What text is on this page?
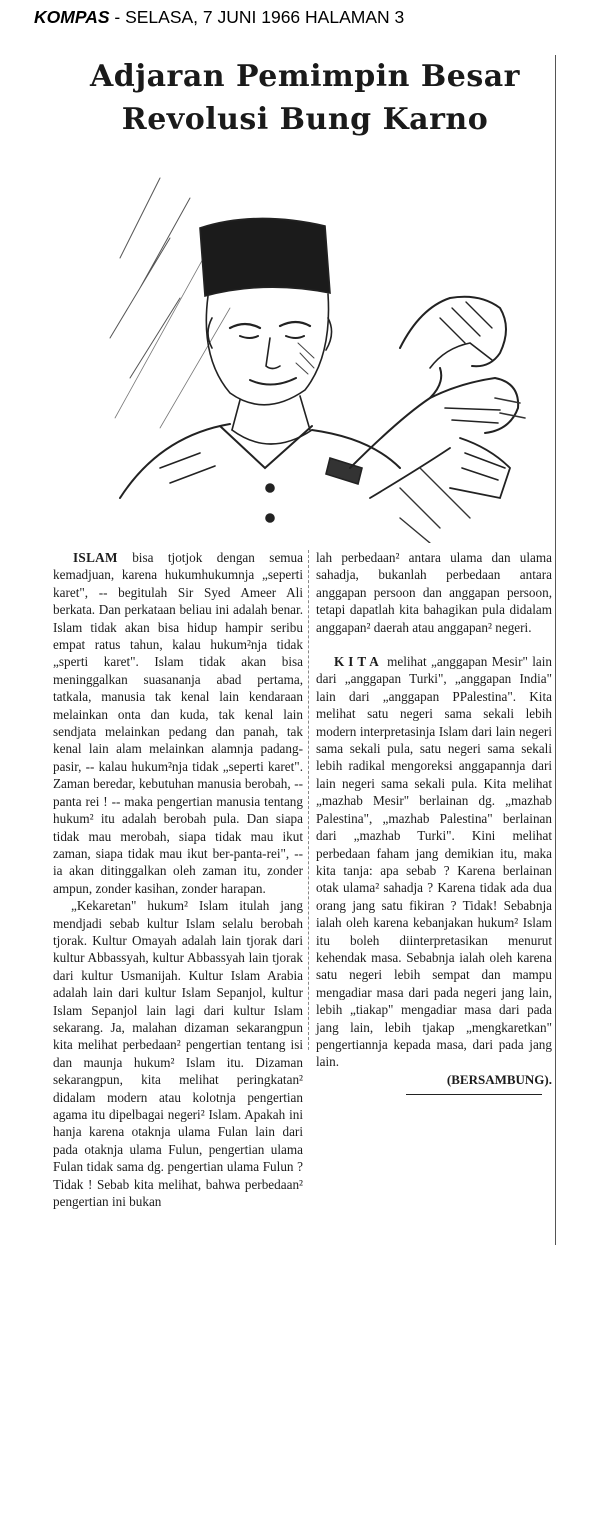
KOMPAS - SELASA, 7 JUNI 1966 HALAMAN 3
Adjaran Pemimpin Besar
Revolusi Bung Karno

ISLAM bisa tjotjok dengan semua kemadjuan, karena hukumhukumnja „seperti karet", -- begitulah Sir Syed Ameer Ali berkata. Dan perkataan beliau ini adalah benar. Islam tidak akan bisa hidup hampir seribu empat ratus tahun, kalau hukum²nja tidak „sperti karet". Islam tidak akan bisa meninggalkan suasananja abad pertama, tatkala, manusia tak kenal lain kendaraan melainkan onta dan kuda, tak kenal lain sendjata melainkan pedang dan panah, tak kenal lain alam melainkan alamnja padang-pasir, -- kalau hukum²nja tidak „seperti karet". Zaman beredar, kebutuhan manusia berobah, -- panta rei ! -- maka pengertian manusia tentang hukum² itu adalah berobah pula. Dan siapa tidak mau merobah, siapa tidak mau ikut zaman, siapa tidak mau ikut ber-panta-rei", -- ia akan ditinggalkan oleh zaman itu, zonder ampun, zonder kasihan, zonder harapan.

„Kekaretan" hukum² Islam itulah jang mendjadi sebab kultur Islam selalu berobah tjorak. Kultur Omayah adalah lain tjorak dari kultur Abbassyah, kultur Abbassyah lain tjorak dari kultur Usmanijah. Kultur Islam Arabia adalah lain dari kultur Islam Sepanjol, kultur Islam Sepanjol lain lagi dari kultur Islam sekarang. Ja, malahan dizaman sekarangpun kita melihat perbedaan² pengertian tentang isi dan maunja hukum² Islam itu. Dizaman sekarangpun, kita melihat peringkatan² didalam modern atau kolotnja pengertian agama itu dipelbagai negeri² Islam. Apakah ini hanja karena otaknja ulama Fulan lain dari pada otaknja ulama Fulun, pengertian ulama Fulan tidak sama dg. pengertian ulama Fulun ? Tidak ! Sebab kita melihat, bahwa perbedaan² pengertian ini bukan

lah perbedaan² antara ulama dan ulama sahadja, bukanlah perbedaan antara anggapan persoon dan anggapan persoon, tetapi dapatlah kita bahagikan pula didalam anggapan² daerah atau anggapan² negeri.

KITA melihat „anggapan Mesir" lain dari „anggapan Turki", „anggapan India" lain dari „anggapan PPalestina". Kita melihat satu negeri sama sekali lebih modern interpretasinja Islam dari lain negeri sama sekali pula, satu negeri sama sekali lebih radikal mengoreksi anggapannja dari lain negeri sama sekali pula. Kita melihat „mazhab Mesir" berlainan dg. „mazhab Palestina", „mazhab Palestina" berlainan dari „mazhab Turki". Kini melihat perbedaan faham jang demikian itu, maka kita tanja: apa sebab ? Karena berlainan otak ulama² sahadja ? Karena tidak ada dua orang jang satu fikiran ? Tidak! Sebabnja ialah oleh karena kebanjakan hukum² Islam itu boleh diinterpretasikan menurut kehendak masa. Sebabnja ialah oleh karena satu negeri lebih sempat dan mampu mengadiar masa dari pada negeri jang lain, lebih „tiakap" mengadiar masa dari pada jang lain, lebih tjakap „mengkaretkan" pengertiannja kepada masa, dari pada jang lain.

(BERSAMBUNG).
